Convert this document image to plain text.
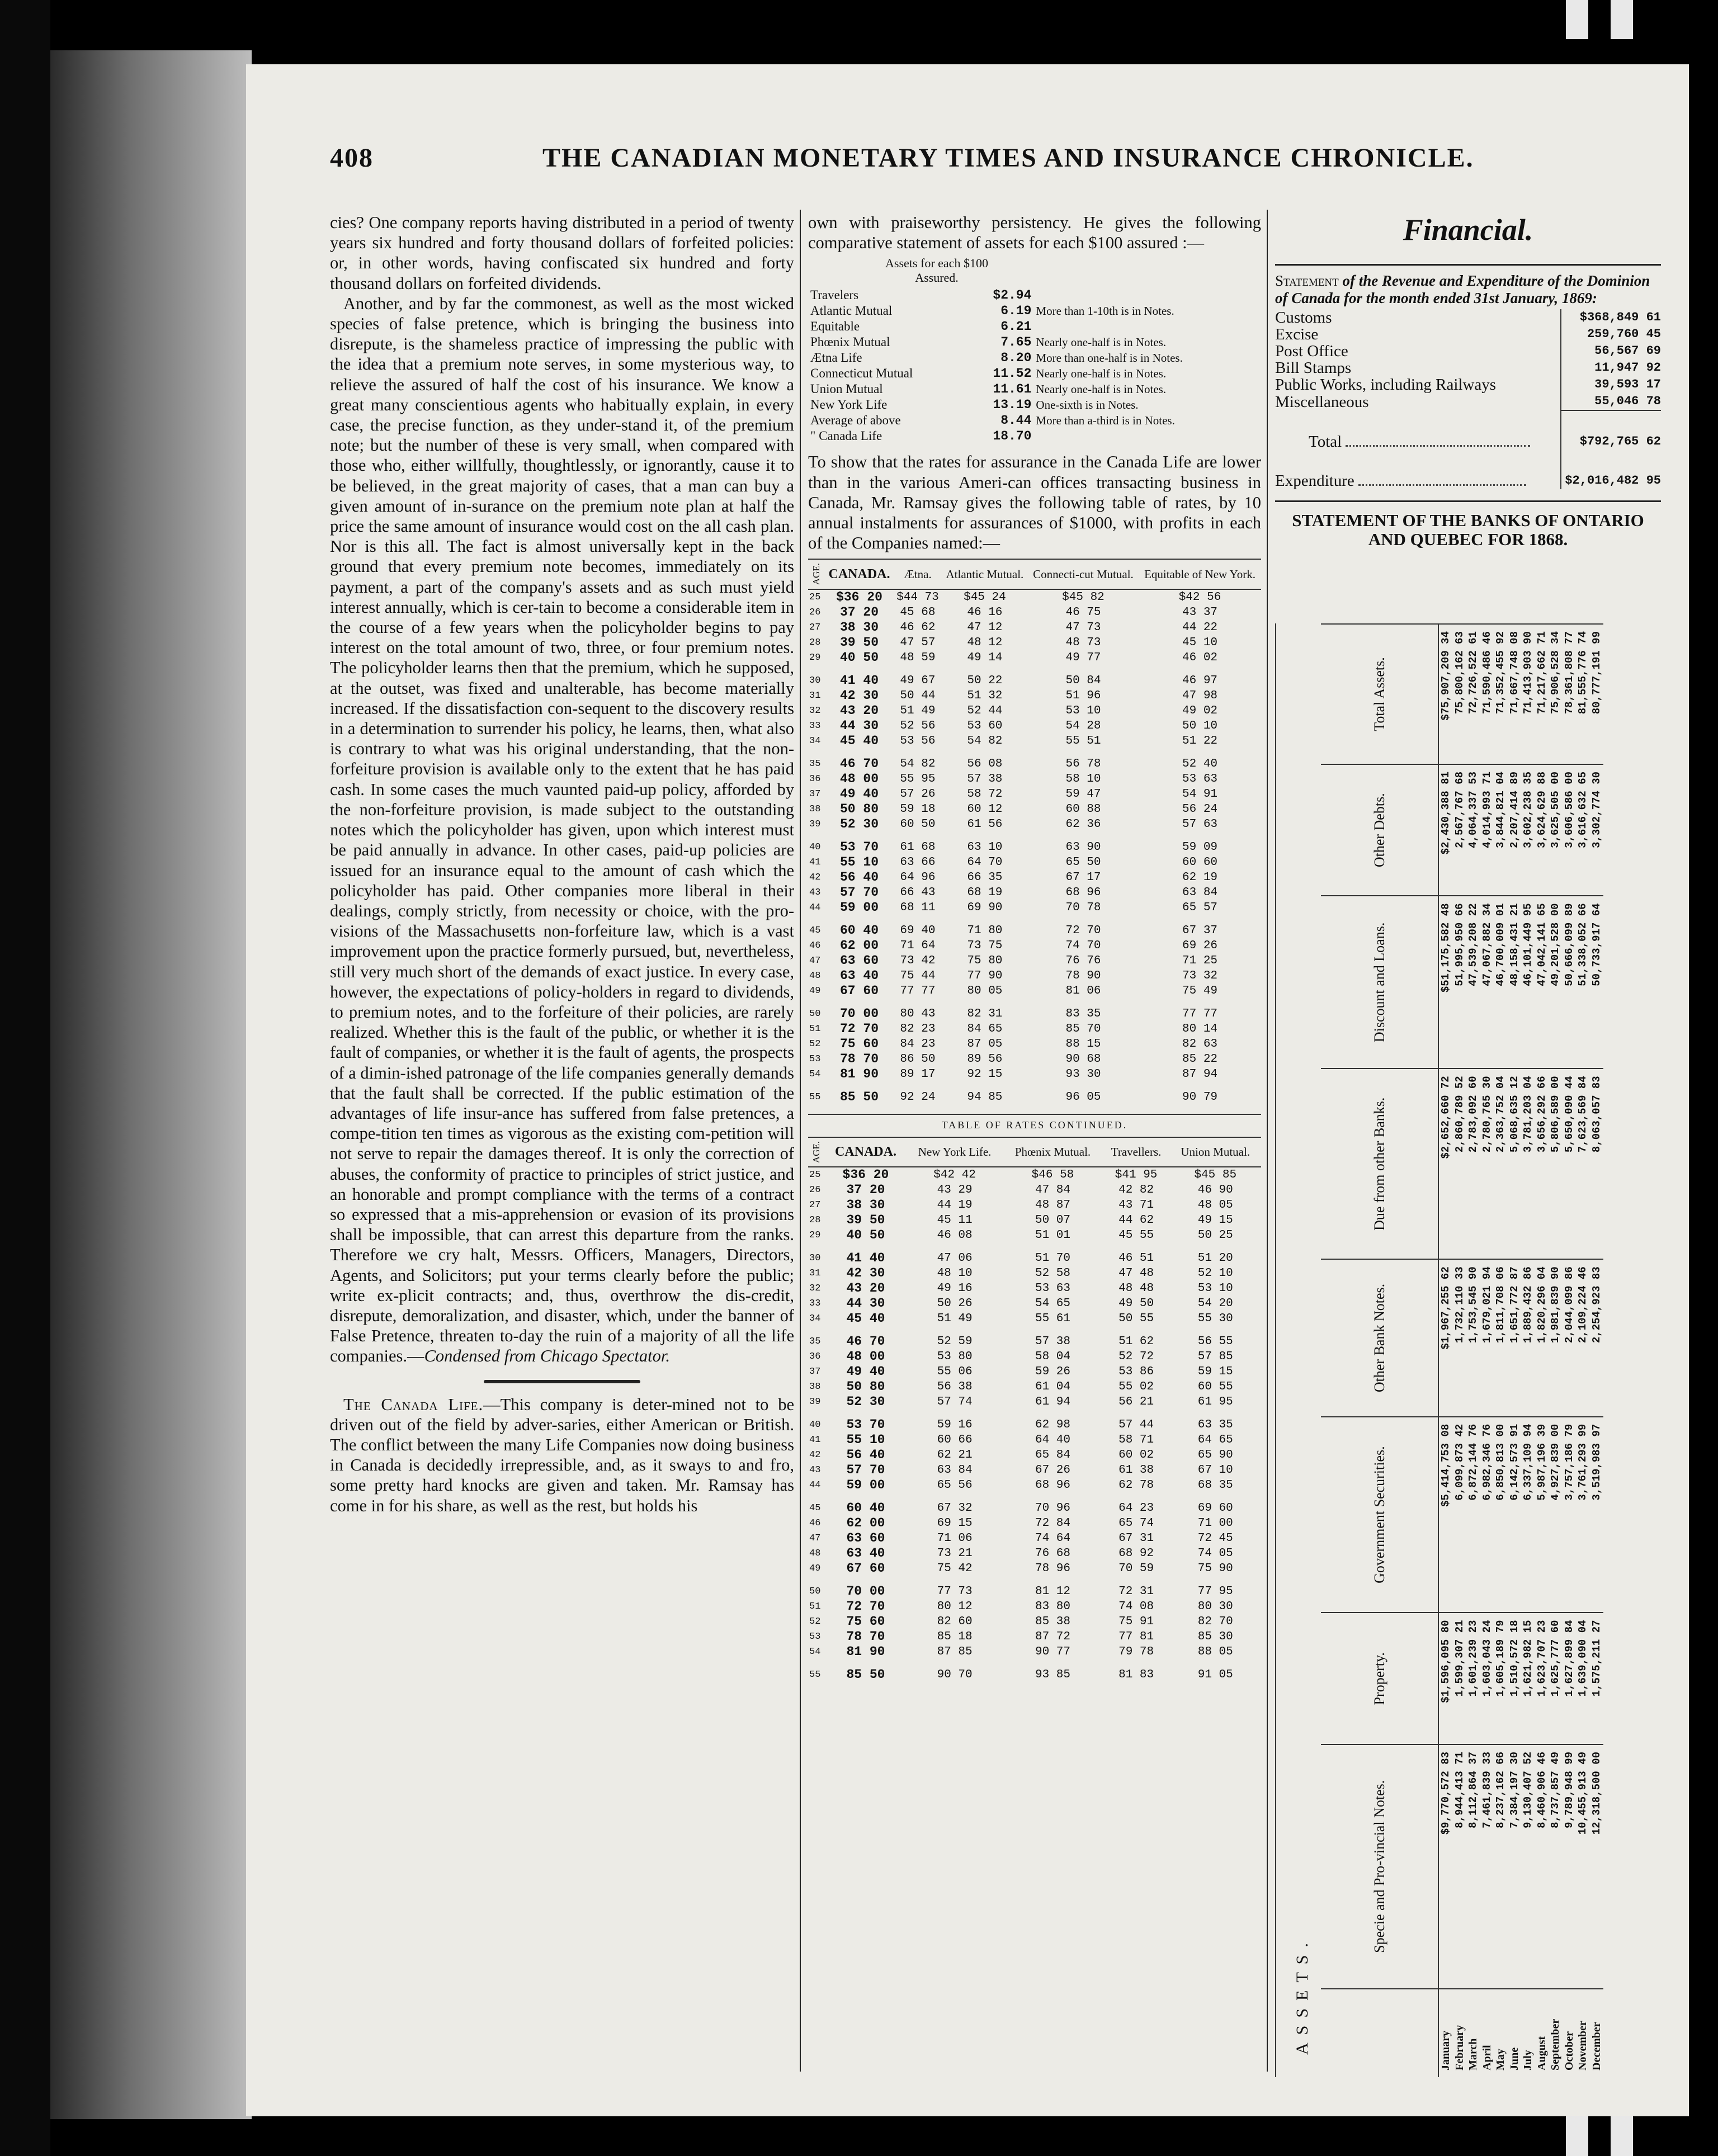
408	THE CANADIAN MONETARY TIMES AND INSURANCE CHRONICLE.

cies? One company reports having distributed in a period of twenty years six hundred and forty thousand dollars of forfeited policies: or, in other words, having confiscated six hundred and forty thousand dollars on forfeited dividends.

Another, and by far the commonest, as well as the most wicked species of false pretence, which is bringing the business into disrepute, is the shameless practice of impressing the public with the idea that a premium note serves, in some mysterious way, to relieve the assured of half the cost of his insurance. We know a great many conscientious agents who habitually explain, in every case, the precise function, as they under-stand it, of the premium note; but the number of these is very small, when compared with those who, either willfully, thoughtlessly, or ignorantly, cause it to be believed, in the great majority of cases, that a man can buy a given amount of in-surance on the premium note plan at half the price the same amount of insurance would cost on the all cash plan. Nor is this all. The fact is almost universally kept in the back ground that every premium note becomes, immediately on its payment, a part of the company's assets and as such must yield interest annually, which is cer-tain to become a considerable item in the course of a few years when the policyholder begins to pay interest on the total amount of two, three, or four premium notes. The policyholder learns then that the premium, which he supposed, at the outset, was fixed and unalterable, has become materially increased. If the dissatisfaction con-sequent to the discovery results in a determination to surrender his policy, he learns, then, what also is contrary to what was his original understanding, that the non-forfeiture provision is available only to the extent that he has paid cash. In some cases the much vaunted paid-up policy, afforded by the non-forfeiture provision, is made subject to the outstanding notes which the policyholder has given, upon which interest must be paid annually in advance. In other cases, paid-up policies are issued for an insurance equal to the amount of cash which the policyholder has paid. Other companies more liberal in their dealings, comply strictly, from necessity or choice, with the pro-visions of the Massachusetts non-forfeiture law, which is a vast improvement upon the practice formerly pursued, but, nevertheless, still very much short of the demands of exact justice. In every case, however, the expectations of policy-holders in regard to dividends, to premium notes, and to the forfeiture of their policies, are rarely realized. Whether this is the fault of the public, or whether it is the fault of companies, or whether it is the fault of agents, the prospects of a dimin-ished patronage of the life companies generally demands that the fault shall be corrected. If the public estimation of the advantages of life insur-ance has suffered from false pretences, a compe-tition ten times as vigorous as the existing com-petition will not serve to repair the damages thereof. It is only the correction of abuses, the conformity of practice to principles of strict justice, and an honorable and prompt compliance with the terms of a contract so expressed that a mis-apprehension or evasion of its provisions shall be impossible, that can arrest this departure from the ranks. Therefore we cry halt, Messrs. Officers, Managers, Directors, Agents, and Solicitors; put your terms clearly before the public; write ex-plicit contracts; and, thus, overthrow the dis-credit, disrepute, demoralization, and disaster, which, under the banner of False Pretence, threaten to-day the ruin of a majority of all the life companies.—Condensed from Chicago Spectator.

The Canada Life.—This company is deter-mined not to be driven out of the field by adver-saries, either American or British. The conflict between the many Life Companies now doing business in Canada is decidedly irrepressible, and, as it sways to and fro, some pretty hard knocks are given and taken. Mr. Ramsay has come in for his share, as well as the rest, but holds his

own with praiseworthy persistency. He gives the following comparative statement of assets for each $100 assured :—

Assets for each $100 Assured.
Travelers	$2.94	
Atlantic Mutual	6.19	More than 1-10th is in Notes.
Equitable	6.21	
Phœnix Mutual	7.65	Nearly one-half is in Notes.
Ætna Life	8.20	More than one-half is in Notes.
Connecticut Mutual	11.52	Nearly one-half is in Notes.
Union Mutual	11.61	Nearly one-half is in Notes.
New York Life	13.19	One-sixth is in Notes.
Average of above	8.44	More than a-third is in Notes.
" Canada Life	18.70	

To show that the rates for assurance in the Canada Life are lower than in the various Ameri-can offices transacting business in Canada, Mr. Ramsay gives the following table of rates, by 10 annual instalments for assurances of $1000, with profits in each of the Companies named:—

AGE.	CANADA.	Ætna.	Atlantic Mutual.	Connecti-cut Mutual.	Equitable of New York.
25	$36 20	$44 73	$45 24	$45 82	$42 56
26	37 20	45 68	46 16	46 75	43 37
27	38 30	46 62	47 12	47 73	44 22
28	39 50	47 57	48 12	48 73	45 10
29	40 50	48 59	49 14	49 77	46 02
30	41 40	49 67	50 22	50 84	46 97
31	42 30	50 44	51 32	51 96	47 98
32	43 20	51 49	52 44	53 10	49 02
33	44 30	52 56	53 60	54 28	50 10
34	45 40	53 56	54 82	55 51	51 22
35	46 70	54 82	56 08	56 78	52 40
36	48 00	55 95	57 38	58 10	53 63
37	49 40	57 26	58 72	59 47	54 91
38	50 80	59 18	60 12	60 88	56 24
39	52 30	60 50	61 56	62 36	57 63
40	53 70	61 68	63 10	63 90	59 09
41	55 10	63 66	64 70	65 50	60 60
42	56 40	64 96	66 35	67 17	62 19
43	57 70	66 43	68 19	68 96	63 84
44	59 00	68 11	69 90	70 78	65 57
45	60 40	69 40	71 80	72 70	67 37
46	62 00	71 64	73 75	74 70	69 26
47	63 60	73 42	75 80	76 76	71 25
48	63 40	75 44	77 90	78 90	73 32
49	67 60	77 77	80 05	81 06	75 49
50	70 00	80 43	82 31	83 35	77 77
51	72 70	82 23	84 65	85 70	80 14
52	75 60	84 23	87 05	88 15	82 63
53	78 70	86 50	89 56	90 68	85 22
54	81 90	89 17	92 15	93 30	87 94
55	85 50	92 24	94 85	96 05	90 79
TABLE OF RATES CONTINUED.
AGE.	CANADA.	New York Life.	Phœnix Mutual.	Travellers.	Union Mutual.
25	$36 20	$42 42	$46 58	$41 95	$45 85
26	37 20	43 29	47 84	42 82	46 90
27	38 30	44 19	48 87	43 71	48 05
28	39 50	45 11	50 07	44 62	49 15
29	40 50	46 08	51 01	45 55	50 25
30	41 40	47 06	51 70	46 51	51 20
31	42 30	48 10	52 58	47 48	52 10
32	43 20	49 16	53 63	48 48	53 10
33	44 30	50 26	54 65	49 50	54 20
34	45 40	51 49	55 61	50 55	55 30
35	46 70	52 59	57 38	51 62	56 55
36	48 00	53 80	58 04	52 72	57 85
37	49 40	55 06	59 26	53 86	59 15
38	50 80	56 38	61 04	55 02	60 55
39	52 30	57 74	61 94	56 21	61 95
40	53 70	59 16	62 98	57 44	63 35
41	55 10	60 66	64 40	58 71	64 65
42	56 40	62 21	65 84	60 02	65 90
43	57 70	63 84	67 26	61 38	67 10
44	59 00	65 56	68 96	62 78	68 35
45	60 40	67 32	70 96	64 23	69 60
46	62 00	69 15	72 84	65 74	71 00
47	63 60	71 06	74 64	67 31	72 45
48	63 40	73 21	76 68	68 92	74 05
49	67 60	75 42	78 96	70 59	75 90
50	70 00	77 73	81 12	72 31	77 95
51	72 70	80 12	83 80	74 08	80 30
52	75 60	82 60	85 38	75 91	82 70
53	78 70	85 18	87 72	77 81	85 30
54	81 90	87 85	90 77	79 78	88 05
55	85 50	90 70	93 85	81 83	91 05
Financial.
Statement of the Revenue and Expenditure of the Dominion of Canada for the month ended 31st January, 1869:
Customs	$368,849 61
Excise	259,760 45
Post Office	56,567 69
Bill Stamps	11,947 92
Public Works, including Railways	39,593 17
Miscellaneous	55,046 78
Total	$792,765 62
Expenditure	$2,016,482 95
STATEMENT OF THE BANKS OF ONTARIO AND QUEBEC FOR 1868.
ASSETS.
	Specie and Pro-vincial Notes.	Property.	Government Securities.	Other Bank Notes.	Due from other Banks.	Discount and Loans.	Other Debts.	Total Assets.
January	$9,770,572 83	$1,596,095 80	$5,414,753 08	$1,967,255 62	$2,652,660 72	$51,175,582 48	$2,430,388 81	$75,907,209 34
February	8,944,413 71	1,599,307 21	6,099,873 42	1,732,110 33	2,860,789 52	51,995,950 66	2,567,767 68	75,800,162 63
March	8,112,864 37	1,601,239 23	6,872,144 76	1,753,545 90	2,783,092 60	47,539,208 22	4,064,337 53	72,726,522 61
April	7,461,839 33	1,603,043 24	6,982,346 76	1,679,021 94	2,780,765 30	47,067,882 34	4,014,993 71	71,590,486 46
May	8,237,162 66	1,605,189 79	6,850,813 00	1,811,708 06	2,363,752 04	46,700,009 01	3,844,821 04	71,352,455 92
June	7,384,197 30	1,510,572 18	6,142,573 91	1,651,772 87	5,068,635 12	48,158,431 21	2,207,414 89	71,667,748 08
July	9,130,407 52	1,621,982 15	6,337,109 94	1,889,432 86	3,781,203 04	46,101,449 95	3,602,238 35	71,413,903 90
August	8,460,906 46	1,623,707 23	5,987,196 39	1,820,296 04	3,656,292 66	47,042,141 65	3,624,629 88	71,217,662 71
September	8,737,857 49	1,625,777 60	4,927,839 00	1,981,839 90	5,806,589 00	49,201,528 00	3,625,505 00	75,906,528 34
October	9,789,948 99	1,627,899 84	3,757,186 79	2,044,099 86	5,650,090 44	50,666,099 89	3,606,586 00	78,361,808 77
November	10,455,913 49	1,639,090 04	3,761,293 99	2,109,224 46	7,623,569 84	51,338,052 66	3,616,632 65	81,555,776 74
December	12,318,500 00	1,575,211 27	3,519,983 97	2,254,923 83	8,063,057 83	50,733,917 64	3,302,774 30	80,777,191 99
